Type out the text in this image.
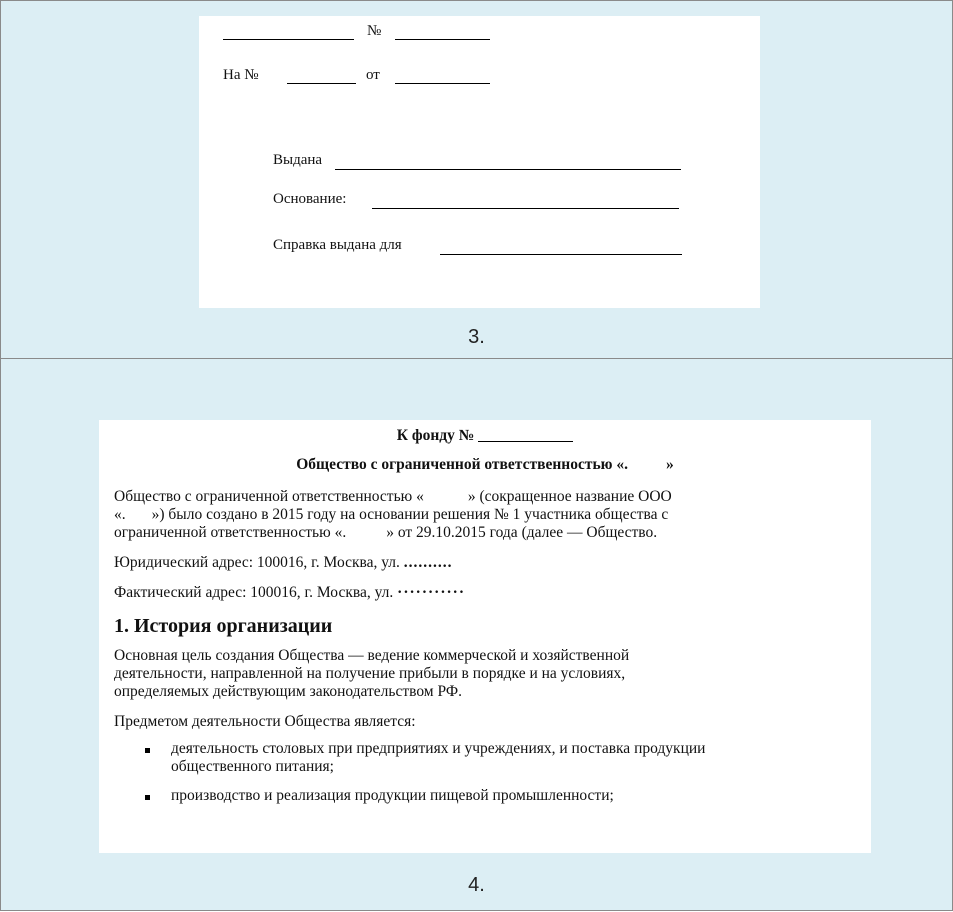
№
На №	от
Выдана
Основание:
Справка выдана для
3.
К фонду №
Общество с ограниченной ответственностью «. »
Общество с ограниченной ответственностью «	» (сокращенное название ООО
«. ») было создано в 2015 году на основании решения № 1 участника общества с
ограниченной ответственностью «.	» от 29.10.2015 года (далее — Общество.
Юридический адрес: 100016, г. Москва, ул. ..........
Фактический адрес: 100016, г. Москва, ул. ···········
1. История организации
Основная цель создания Общества — ведение коммерческой и хозяйственной
деятельности, направленной на получение прибыли в порядке и на условиях,
определяемых действующим законодательством РФ.
Предметом деятельности Общества является:
деятельность столовых при предприятиях и учреждениях, и поставка продукции
общественного питания;
производство и реализация продукции пищевой промышленности;
4.
